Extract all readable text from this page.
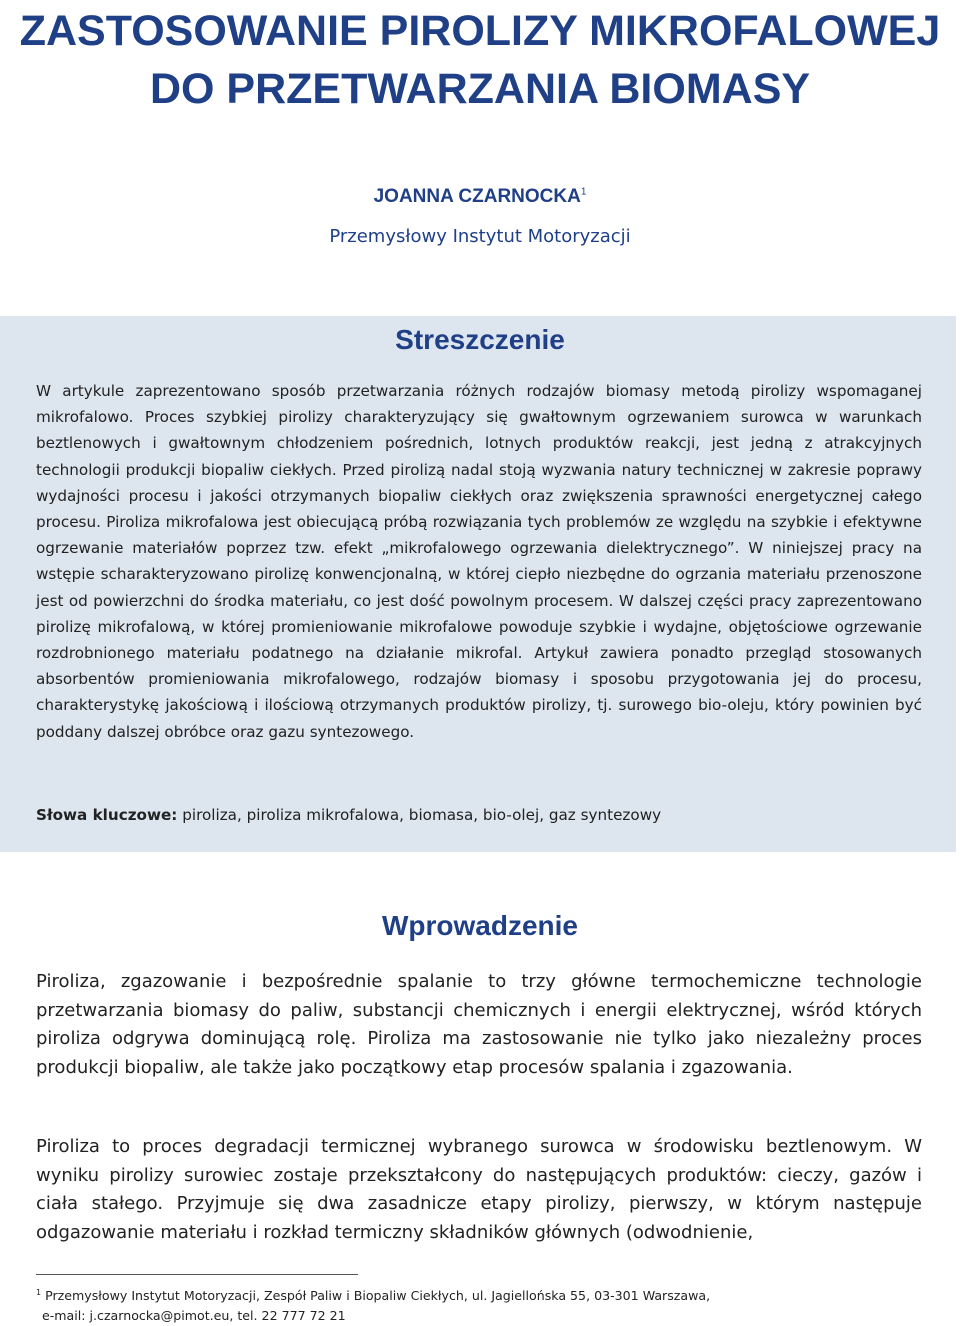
ZASTOSOWANIE PIROLIZY MIKROFALOWEJ
DO PRZETWARZANIA BIOMASY
JOANNA CZARNOCKA$^1$
Przemysłowy Instytut Motoryzacji
Streszczenie

W artykule zaprezentowano sposób przetwarzania różnych rodzajów biomasy metodą pirolizy wspomaganej mikrofalowo. Proces szybkiej pirolizy charakteryzujący się gwałtownym ogrzewaniem surowca w warunkach beztlenowych i gwałtownym chłodzeniem pośrednich, lotnych produktów reakcji, jest jedną z atrakcyjnych technologii produkcji biopaliw ciekłych. Przed pirolizą nadal stoją wyzwania natury technicznej w zakresie poprawy wydajności procesu i jakości otrzymanych biopaliw ciekłych oraz zwiększenia sprawności energetycznej całego procesu. Piroliza mikrofalowa jest obiecującą próbą rozwiązania tych problemów ze względu na szybkie i efektywne ogrzewanie materiałów poprzez tzw. efekt „mikrofalowego ogrzewania dielektrycznego”. W niniejszej pracy na wstępie scharakteryzowano pirolizę konwencjonalną, w której ciepło niezbędne do ogrzania materiału przenoszone jest od powierzchni do środka materiału, co jest dość powolnym procesem. W dalszej części pracy zaprezentowano pirolizę mikrofalową, w której promieniowanie mikrofalowe powoduje szybkie i wydajne, objętościowe ogrzewanie rozdrobnionego materiału podatnego na działanie mikrofal. Artykuł zawiera ponadto przegląd stosowanych absorbentów promieniowania mikrofalowego, rodzajów biomasy i sposobu przygotowania jej do procesu, charakterystykę jakościową i ilościową otrzymanych produktów pirolizy, tj. surowego bio-oleju, który powinien być poddany dalszej obróbce oraz gazu syntezowego.

Słowa kluczowe: piroliza, piroliza mikrofalowa, biomasa, bio-olej, gaz syntezowy

Wprowadzenie

Piroliza, zgazowanie i bezpośrednie spalanie to trzy główne termochemiczne technologie przetwarzania biomasy do paliw, substancji chemicznych i energii elektrycznej, wśród których piroliza odgrywa dominującą rolę. Piroliza ma zastosowanie nie tylko jako niezależny proces produkcji biopaliw, ale także jako początkowy etap procesów spalania i zgazowania.

Piroliza to proces degradacji termicznej wybranego surowca w środowisku beztlenowym. W wyniku pirolizy surowiec zostaje przekształcony do następujących produktów: cieczy, gazów i ciała stałego. Przyjmuje się dwa zasadnicze etapy pirolizy, pierwszy, w którym następuje odgazowanie materiału i rozkład termiczny składników głównych (odwodnienie,

$^1$ Przemysłowy Instytut Motoryzacji, Zespół Paliw i Biopaliw Ciekłych, ul. Jagiellońska 55, 03-301 Warszawa,
e-mail: j.czarnocka@pimot.eu, tel. 22 777 72 21
